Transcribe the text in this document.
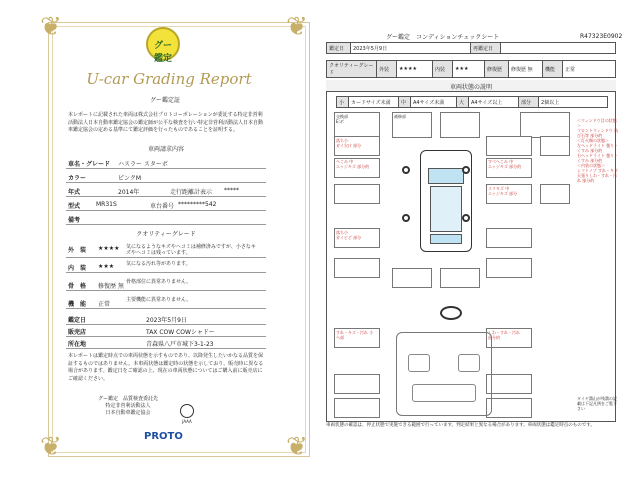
❦	❦
❦	❦
グー鑑定
U-car Grading Report
グー鑑定証
本レポートに記載された車両は株式会社プロトコーポレーションが委託する特定非営利活動法人日本自動車鑑定協会の鑑定師が公平な検査を行い特定非営利活動法人日本自動車鑑定協会の定める基準にて鑑定評価を行ったものであることを証明する。
車両請求内容
車名・グレード ハスラー スターボ
カラー	ピンクM
年式	2014年	走行距離計表示 *****
型式	MR31S	車台番号 *********542
備考
クオリティーグレード
外　装 ★★★★ 気になるようなキズやヘコミは補修済みですが、小さなキズやヘコミは残っています。
内　装 ★★★ 気になる汚れ等があります。
骨　格 修復歴 無
骨格部位に異常ありません。
機　能 正常
主要機能に異常ありません。
鑑定日	2023年5月9日
販売店	TAX COW COWシャドー
所在地	青森県八戸市城下3-1-23
本レポートは鑑定時点での車両状態を示すものであり、以降発生したいかなる品質を保証するものではありません。本車両状態は鑑定時の状態を示しており、販売時に異なる場合があります。鑑定日をご確認の上、現在の車両状態についてはご購入前に販売店にご確認ください。
グー鑑定　品質検査委託先
特定非営利活動法人
日本自動車鑑定協会
JAAA
PROTO
グー鑑定　コンディションチェックシート	R47323E0902
鑑定日	2023年5月9日	再鑑定日	
クオリティーグレード	外装	★★★★	内装	★★★	修復歴	修復歴 無	機能	正常
車両状態の説明
小	カードサイズ未満	中	A4サイズ未満	大	A4サイズ以上	部分	2個以上
交換部
E:ボ
補修部
落ち小
ガイ欠け 部分
へこみ 中
エッジキズ 部分的
すべへこみ 中
エッジキズ 部分的
スリキズ 中
エッジキズ 部分
落ち小
ガイピど 部分
すれ・キズ・汚れ 小
へ部
しわ・すれ・汚れ
部分的
＜ウィンドウ目の状態＞
フロントウィンドウ 飛び石等 部分的
＜灯火類の状態＞
左ヘッドライト 曇り・くすみ 部分的
右ヘッドライト 曇り・くすみ 部分的
＜内装の状態＞
シフトノブ すれ・キズ
天張りしわ・すれ・汚れ 部分的
タイヤ溝山が残溝の記載は下記凡例をご覧下さい
車両状態の確認は、停止状態で実施できる範囲で行っています。判定結果と異なる場合があります。車両状態は鑑定時点のものです。
